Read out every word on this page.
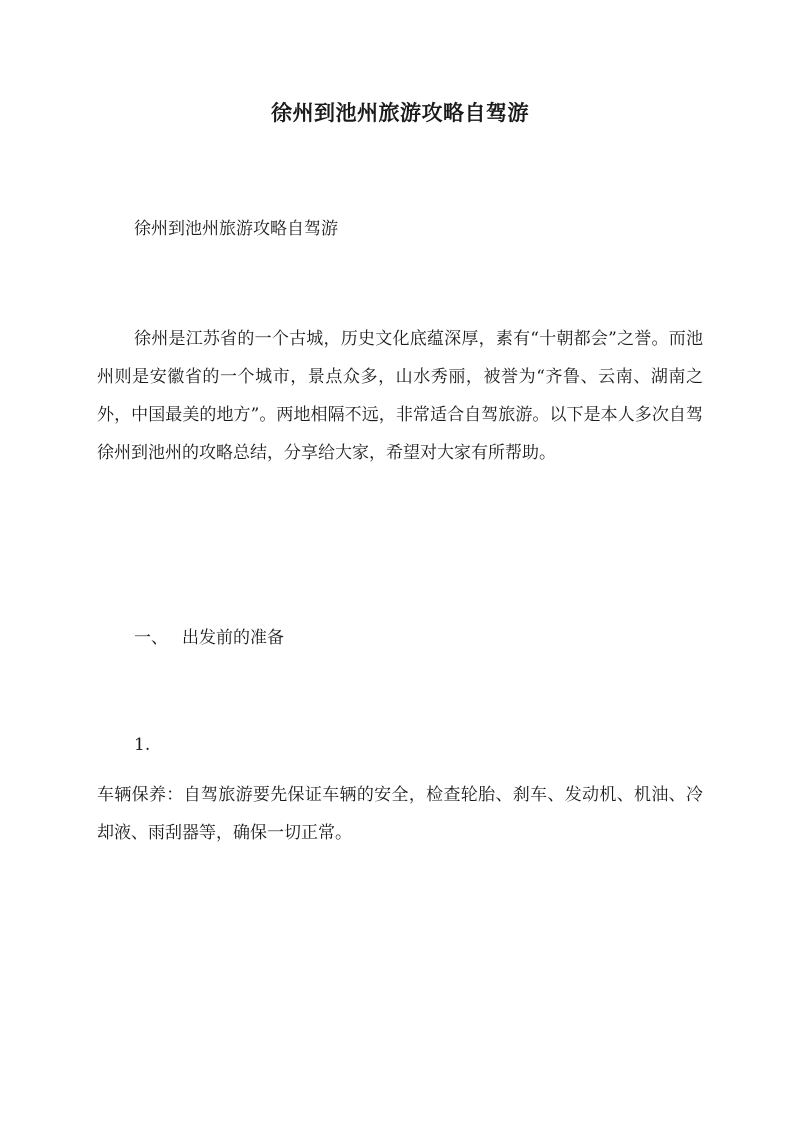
徐州到池州旅游攻略自驾游
徐州到池州旅游攻略自驾游

徐州是江苏省的一个古城，历史文化底蕴深厚，素有“十朝都会”之誉。而池州则是安徽省的一个城市，景点众多，山水秀丽，被誉为“齐鲁、云南、湖南之外，中国最美的地方”。两地相隔不远，非常适合自驾旅游。以下是本人多次自驾徐州到池州的攻略总结，分享给大家，希望对大家有所帮助。

一、 出发前的准备
1.

车辆保养：自驾旅游要先保证车辆的安全，检查轮胎、刹车、发动机、机油、冷却液、雨刮器等，确保一切正常。
